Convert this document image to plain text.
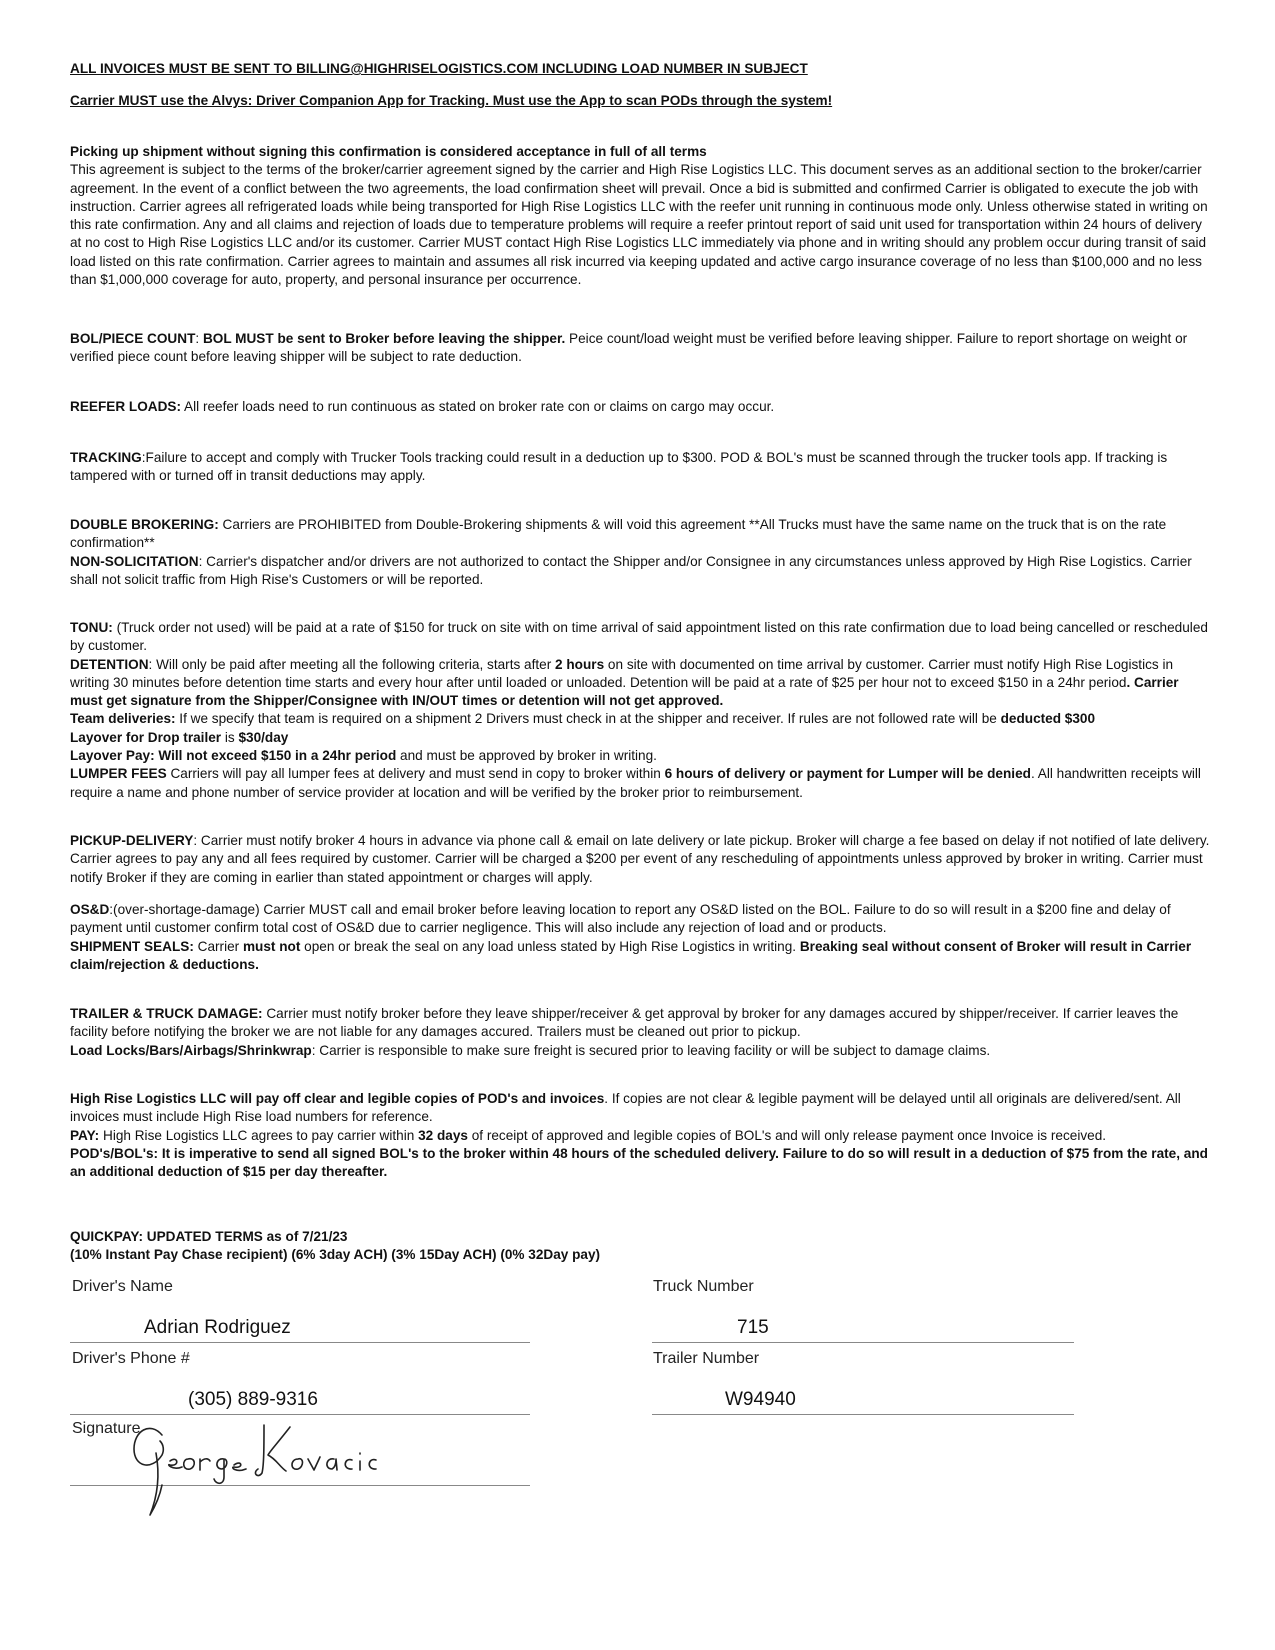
ALL INVOICES MUST BE SENT TO BILLING@HIGHRISELOGISTICS.COM INCLUDING LOAD NUMBER IN SUBJECT

Carrier MUST use the Alvys: Driver Companion App for Tracking. Must use the App to scan PODs through the system!

Picking up shipment without signing this confirmation is considered acceptance in full of all terms

This agreement is subject to the terms of the broker/carrier agreement signed by the carrier and High Rise Logistics LLC. This document serves as an additional section to the broker/carrier agreement. In the event of a conflict between the two agreements, the load confirmation sheet will prevail. Once a bid is submitted and confirmed Carrier is obligated to execute the job with instruction. Carrier agrees all refrigerated loads while being transported for High Rise Logistics LLC with the reefer unit running in continuous mode only. Unless otherwise stated in writing on this rate confirmation. Any and all claims and rejection of loads due to temperature problems will require a reefer printout report of said unit used for transportation within 24 hours of delivery at no cost to High Rise Logistics LLC and/or its customer. Carrier MUST contact High Rise Logistics LLC immediately via phone and in writing should any problem occur during transit of said load listed on this rate confirmation. Carrier agrees to maintain and assumes all risk incurred via keeping updated and active cargo insurance coverage of no less than $100,000 and no less than $1,000,000 coverage for auto, property, and personal insurance per occurrence.

BOL/PIECE COUNT: BOL MUST be sent to Broker before leaving the shipper. Peice count/load weight must be verified before leaving shipper. Failure to report shortage on weight or verified piece count before leaving shipper will be subject to rate deduction.

REEFER LOADS: All reefer loads need to run continuous as stated on broker rate con or claims on cargo may occur.

TRACKING:Failure to accept and comply with Trucker Tools tracking could result in a deduction up to $300. POD & BOL's must be scanned through the trucker tools app. If tracking is tampered with or turned off in transit deductions may apply.

DOUBLE BROKERING: Carriers are PROHIBITED from Double-Brokering shipments & will void this agreement **All Trucks must have the same name on the truck that is on the rate confirmation**

NON-SOLICITATION: Carrier's dispatcher and/or drivers are not authorized to contact the Shipper and/or Consignee in any circumstances unless approved by High Rise Logistics. Carrier shall not solicit traffic from High Rise's Customers or will be reported.

TONU: (Truck order not used) will be paid at a rate of $150 for truck on site with on time arrival of said appointment listed on this rate confirmation due to load being cancelled or rescheduled by customer.

DETENTION: Will only be paid after meeting all the following criteria, starts after 2 hours on site with documented on time arrival by customer. Carrier must notify High Rise Logistics in writing 30 minutes before detention time starts and every hour after until loaded or unloaded. Detention will be paid at a rate of $25 per hour not to exceed $150 in a 24hr period. Carrier must get signature from the Shipper/Consignee with IN/OUT times or detention will not get approved.

Team deliveries: If we specify that team is required on a shipment 2 Drivers must check in at the shipper and receiver. If rules are not followed rate will be deducted $300

Layover for Drop trailer is $30/day

Layover Pay: Will not exceed $150 in a 24hr period and must be approved by broker in writing.

LUMPER FEES Carriers will pay all lumper fees at delivery and must send in copy to broker within 6 hours of delivery or payment for Lumper will be denied. All handwritten receipts will require a name and phone number of service provider at location and will be verified by the broker prior to reimbursement.

PICKUP-DELIVERY: Carrier must notify broker 4 hours in advance via phone call & email on late delivery or late pickup. Broker will charge a fee based on delay if not notified of late delivery. Carrier agrees to pay any and all fees required by customer. Carrier will be charged a $200 per event of any rescheduling of appointments unless approved by broker in writing. Carrier must notify Broker if they are coming in earlier than stated appointment or charges will apply.

OS&D:(over-shortage-damage) Carrier MUST call and email broker before leaving location to report any OS&D listed on the BOL. Failure to do so will result in a $200 fine and delay of payment until customer confirm total cost of OS&D due to carrier negligence. This will also include any rejection of load and or products.

SHIPMENT SEALS: Carrier must not open or break the seal on any load unless stated by High Rise Logistics in writing. Breaking seal without consent of Broker will result in Carrier claim/rejection & deductions.

TRAILER & TRUCK DAMAGE: Carrier must notify broker before they leave shipper/receiver & get approval by broker for any damages accured by shipper/receiver. If carrier leaves the facility before notifying the broker we are not liable for any damages accured. Trailers must be cleaned out prior to pickup.

Load Locks/Bars/Airbags/Shrinkwrap: Carrier is responsible to make sure freight is secured prior to leaving facility or will be subject to damage claims.

High Rise Logistics LLC will pay off clear and legible copies of POD's and invoices. If copies are not clear & legible payment will be delayed until all originals are delivered/sent. All invoices must include High Rise load numbers for reference.

PAY: High Rise Logistics LLC agrees to pay carrier within 32 days of receipt of approved and legible copies of BOL's and will only release payment once Invoice is received.

POD's/BOL's: It is imperative to send all signed BOL's to the broker within 48 hours of the scheduled delivery. Failure to do so will result in a deduction of $75 from the rate, and an additional deduction of $15 per day thereafter.

QUICKPAY: UPDATED TERMS as of 7/21/23

(10% Instant Pay Chase recipient) (6% 3day ACH) (3% 15Day ACH) (0% 32Day pay)

Driver's Name
Adrian Rodriguez
Truck Number
715
Driver's Phone #
(305) 889-9316
Trailer Number
W94940
Signature
